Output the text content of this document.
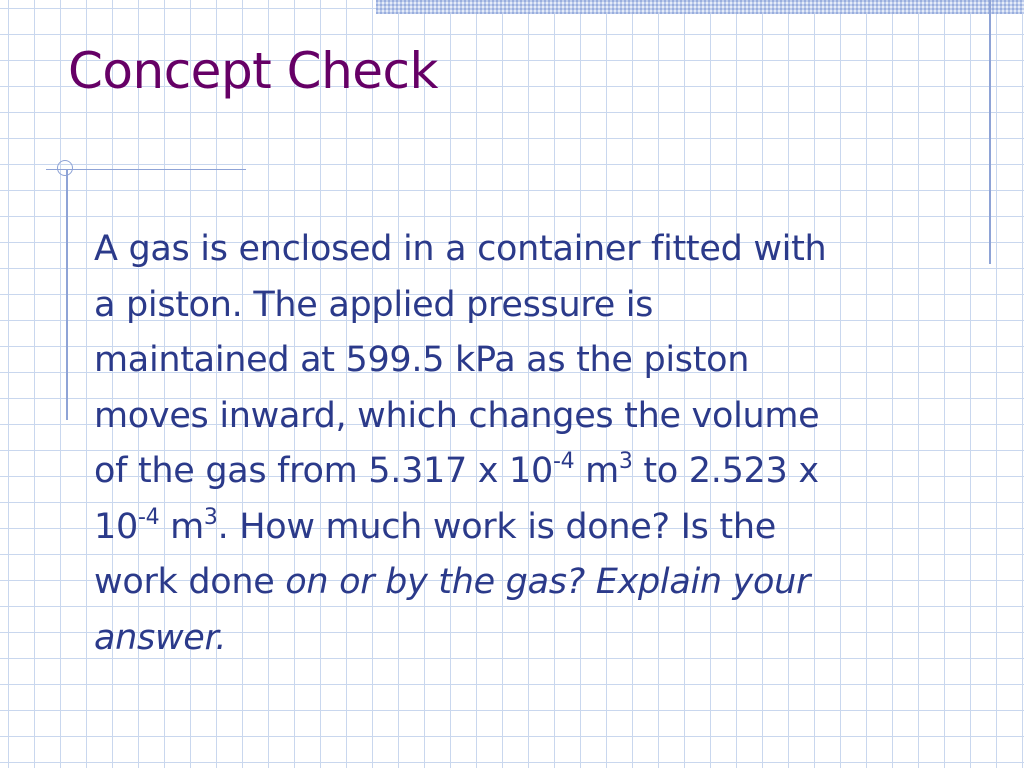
Concept Check

A gas is enclosed in a container fitted with
a piston. The applied pressure is
maintained at 599.5 kPa as the piston
moves inward, which changes the volume
of the gas from 5.317 x $10^{-4}$ $m^3$ to 2.523 x
$10^{-4}$ $m^3$. How much work is done? Is the
work done on or by the gas? Explain your
answer.
